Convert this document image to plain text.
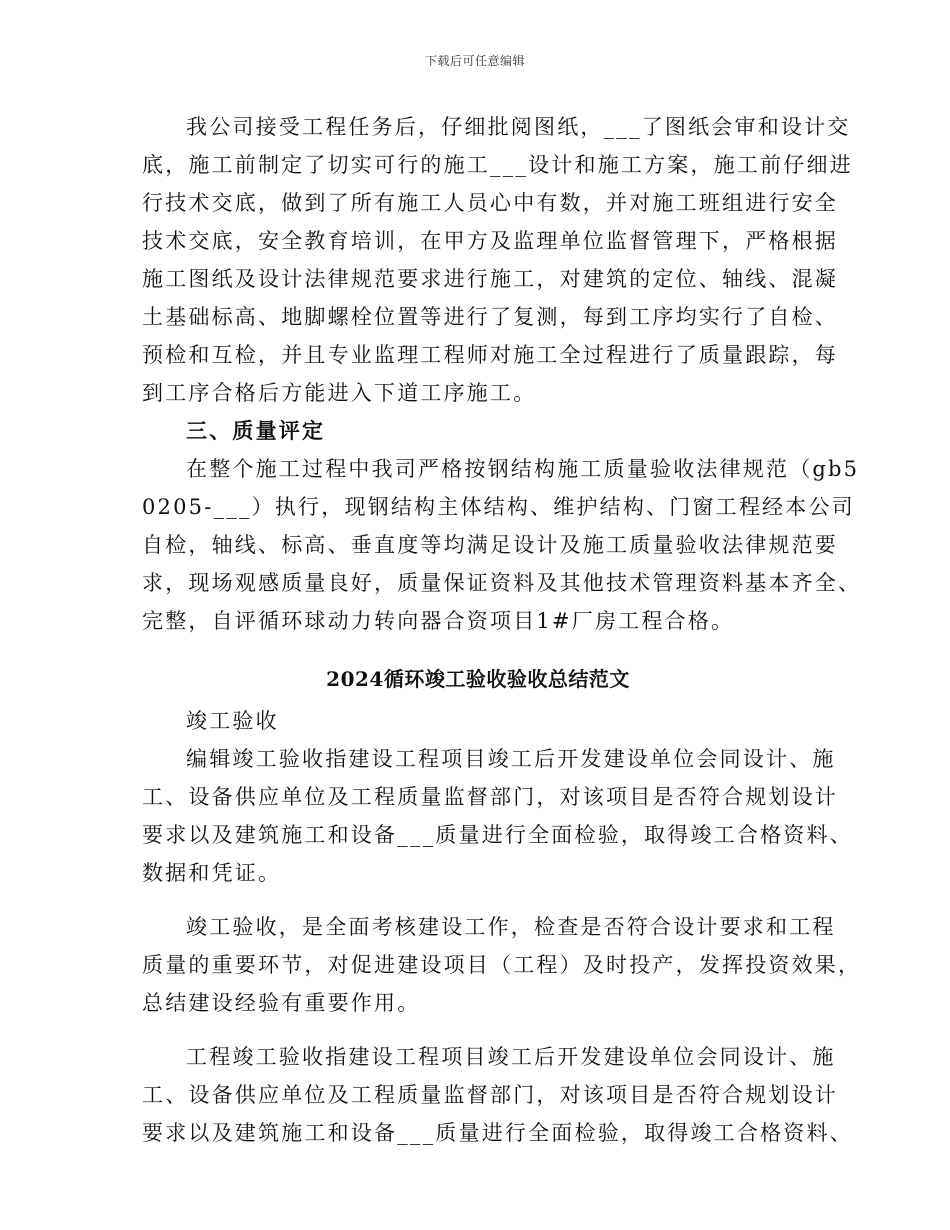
下载后可任意编辑
我公司接受工程任务后，仔细批阅图纸，___了图纸会审和设计交
底，施工前制定了切实可行的施工___设计和施工方案，施工前仔细进
行技术交底，做到了所有施工人员心中有数，并对施工班组进行安全
技术交底，安全教育培训，在甲方及监理单位监督管理下，严格根据
施工图纸及设计法律规范要求进行施工，对建筑的定位、轴线、混凝
土基础标高、地脚螺栓位置等进行了复测，每到工序均实行了自检、
预检和互检，并且专业监理工程师对施工全过程进行了质量跟踪，每
到工序合格后方能进入下道工序施工。
三、质量评定
在整个施工过程中我司严格按钢结构施工质量验收法律规范（gb5
0205-___）执行，现钢结构主体结构、维护结构、门窗工程经本公司
自检，轴线、标高、垂直度等均满足设计及施工质量验收法律规范要
求，现场观感质量良好，质量保证资料及其他技术管理资料基本齐全、
完整，自评循环球动力转向器合资项目1#厂房工程合格。
2024循环竣工验收验收总结范文
竣工验收
编辑竣工验收指建设工程项目竣工后开发建设单位会同设计、施
工、设备供应单位及工程质量监督部门，对该项目是否符合规划设计
要求以及建筑施工和设备___质量进行全面检验，取得竣工合格资料、
数据和凭证。
竣工验收，是全面考核建设工作，检查是否符合设计要求和工程
质量的重要环节，对促进建设项目（工程）及时投产，发挥投资效果，
总结建设经验有重要作用。
工程竣工验收指建设工程项目竣工后开发建设单位会同设计、施
工、设备供应单位及工程质量监督部门，对该项目是否符合规划设计
要求以及建筑施工和设备___质量进行全面检验，取得竣工合格资料、
